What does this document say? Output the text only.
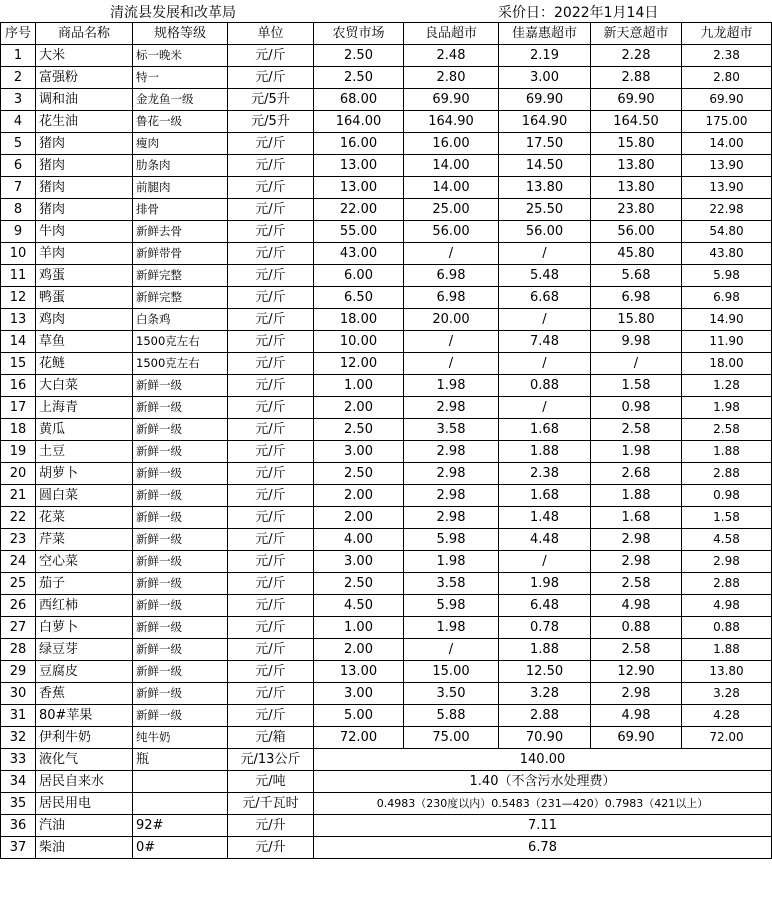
清流县发展和改革局	采价日：2022年1月14日
序号	商品名称	规格等级	单位	农贸市场	良品超市	佳嘉惠超市	新天意超市	九龙超市
1	大米	标一晚米	元/斤	2.50	2.48	2.19	2.28	2.38
2	富强粉	特一	元/斤	2.50	2.80	3.00	2.88	2.80
3	调和油	金龙鱼一级	元/5升	68.00	69.90	69.90	69.90	69.90
4	花生油	鲁花一级	元/5升	164.00	164.90	164.90	164.50	175.00
5	猪肉	瘦肉	元/斤	16.00	16.00	17.50	15.80	14.00
6	猪肉	肋条肉	元/斤	13.00	14.00	14.50	13.80	13.90
7	猪肉	前腿肉	元/斤	13.00	14.00	13.80	13.80	13.90
8	猪肉	排骨	元/斤	22.00	25.00	25.50	23.80	22.98
9	牛肉	新鲜去骨	元/斤	55.00	56.00	56.00	56.00	54.80
10	羊肉	新鲜带骨	元/斤	43.00	/	/	45.80	43.80
11	鸡蛋	新鲜完整	元/斤	6.00	6.98	5.48	5.68	5.98
12	鸭蛋	新鲜完整	元/斤	6.50	6.98	6.68	6.98	6.98
13	鸡肉	白条鸡	元/斤	18.00	20.00	/	15.80	14.90
14	草鱼	1500克左右	元/斤	10.00	/	7.48	9.98	11.90
15	花鲢	1500克左右	元/斤	12.00	/	/	/	18.00
16	大白菜	新鲜一级	元/斤	1.00	1.98	0.88	1.58	1.28
17	上海青	新鲜一级	元/斤	2.00	2.98	/	0.98	1.98
18	黄瓜	新鲜一级	元/斤	2.50	3.58	1.68	2.58	2.58
19	土豆	新鲜一级	元/斤	3.00	2.98	1.88	1.98	1.88
20	胡萝卜	新鲜一级	元/斤	2.50	2.98	2.38	2.68	2.88
21	圆白菜	新鲜一级	元/斤	2.00	2.98	1.68	1.88	0.98
22	花菜	新鲜一级	元/斤	2.00	2.98	1.48	1.68	1.58
23	芹菜	新鲜一级	元/斤	4.00	5.98	4.48	2.98	4.58
24	空心菜	新鲜一级	元/斤	3.00	1.98	/	2.98	2.98
25	茄子	新鲜一级	元/斤	2.50	3.58	1.98	2.58	2.88
26	西红柿	新鲜一级	元/斤	4.50	5.98	6.48	4.98	4.98
27	白萝卜	新鲜一级	元/斤	1.00	1.98	0.78	0.88	0.88
28	绿豆芽	新鲜一级	元/斤	2.00	/	1.88	2.58	1.88
29	豆腐皮	新鲜一级	元/斤	13.00	15.00	12.50	12.90	13.80
30	香蕉	新鲜一级	元/斤	3.00	3.50	3.28	2.98	3.28
31	80#苹果	新鲜一级	元/斤	5.00	5.88	2.88	4.98	4.28
32	伊利牛奶	纯牛奶	元/箱	72.00	75.00	70.90	69.90	72.00
33	液化气	瓶	元/13公斤	140.00				
34	居民自来水		元/吨	1.40（不含污水处理费）				
35	居民用电		元/千瓦时	0.4983（230度以内）0.5483（231—420）0.7983（421以上）				
36	汽油	92#	元/升	7.11				
37	柴油	0#	元/升	6.78				
